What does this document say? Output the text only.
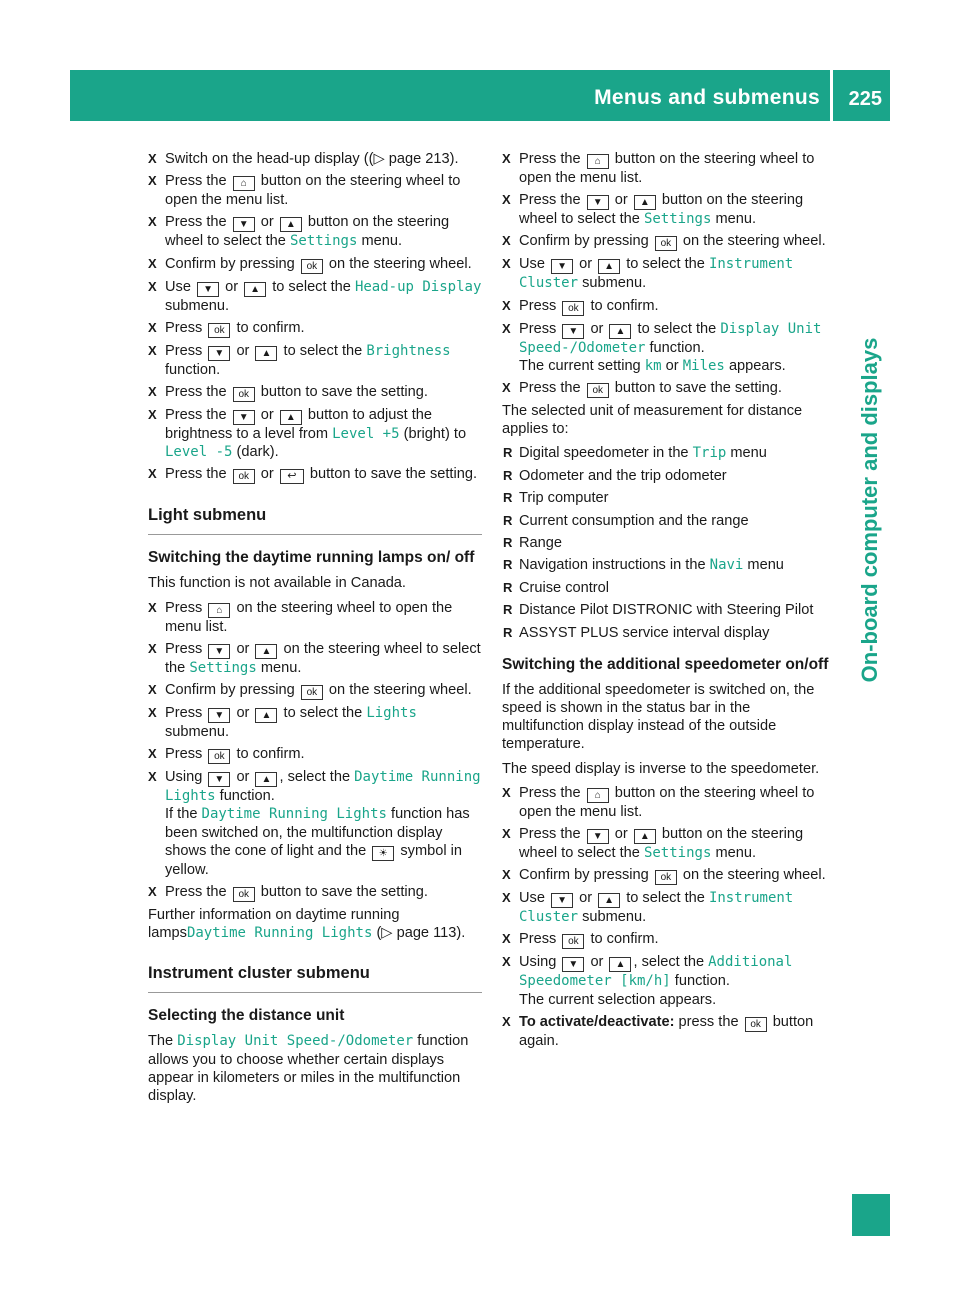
Menus and submenus 225
On-board computer and displays
X Switch on the head-up display ((▷ page 213).
X Press the ⌂ button on the steering wheel to open the menu list.
X Press the ▼ or ▲ button on the steering wheel to select the Settings menu.
X Confirm by pressing ok on the steering wheel.
X Use ▼ or ▲ to select the Head-up Display submenu.
X Press ok to confirm.
X Press ▼ or ▲ to select the Brightness function.
X Press the ok button to save the setting.
X Press the ▼ or ▲ button to adjust the brightness to a level from Level +5 (bright) to Level -5 (dark).
X Press the ok or ↩ button to save the setting.
Light submenu
Switching the daytime running lamps on/ off

This function is not available in Canada.

X Press ⌂ on the steering wheel to open the menu list.
X Press ▼ or ▲ on the steering wheel to select the Settings menu.
X Confirm by pressing ok on the steering wheel.
X Press ▼ or ▲ to select the Lights submenu.
X Press ok to confirm.
X Using ▼ or ▲ , select the Daytime Running Lights function.
If the Daytime Running Lights function has been switched on, the multifunction display shows the cone of light and the ☀ symbol in yellow.
X Press the ok button to save the setting.

Further information on daytime running lampsDaytime Running Lights (▷ page 113).

Instrument cluster submenu
Selecting the distance unit

The Display Unit Speed-/Odometer function allows you to choose whether certain displays appear in kilometers or miles in the multifunction display.

X Press the ⌂ button on the steering wheel to open the menu list.
X Press the ▼ or ▲ button on the steering wheel to select the Settings menu.
X Confirm by pressing ok on the steering wheel.
X Use ▼ or ▲ to select the Instrument Cluster submenu.
X Press ok to confirm.
X Press ▼ or ▲ to select the Display Unit Speed-/Odometer function.
The current setting km or Miles appears.
X Press the ok button to save the setting.

The selected unit of measurement for distance applies to:

R Digital speedometer in the Trip menu
R Odometer and the trip odometer
R Trip computer
R Current consumption and the range
R Range
R Navigation instructions in the Navi menu
R Cruise control
R Distance Pilot DISTRONIC with Steering Pilot
R ASSYST PLUS service interval display
Switching the additional speedometer on/off

If the additional speedometer is switched on, the speed is shown in the status bar in the multifunction display instead of the outside temperature.

The speed display is inverse to the speedometer.

X Press the ⌂ button on the steering wheel to open the menu list.
X Press the ▼ or ▲ button on the steering wheel to select the Settings menu.
X Confirm by pressing ok on the steering wheel.
X Use ▼ or ▲ to select the Instrument Cluster submenu.
X Press ok to confirm.
X Using ▼ or ▲ , select the Additional Speedometer [km/h] function.
The current selection appears.
X To activate/deactivate: press the ok button again.
